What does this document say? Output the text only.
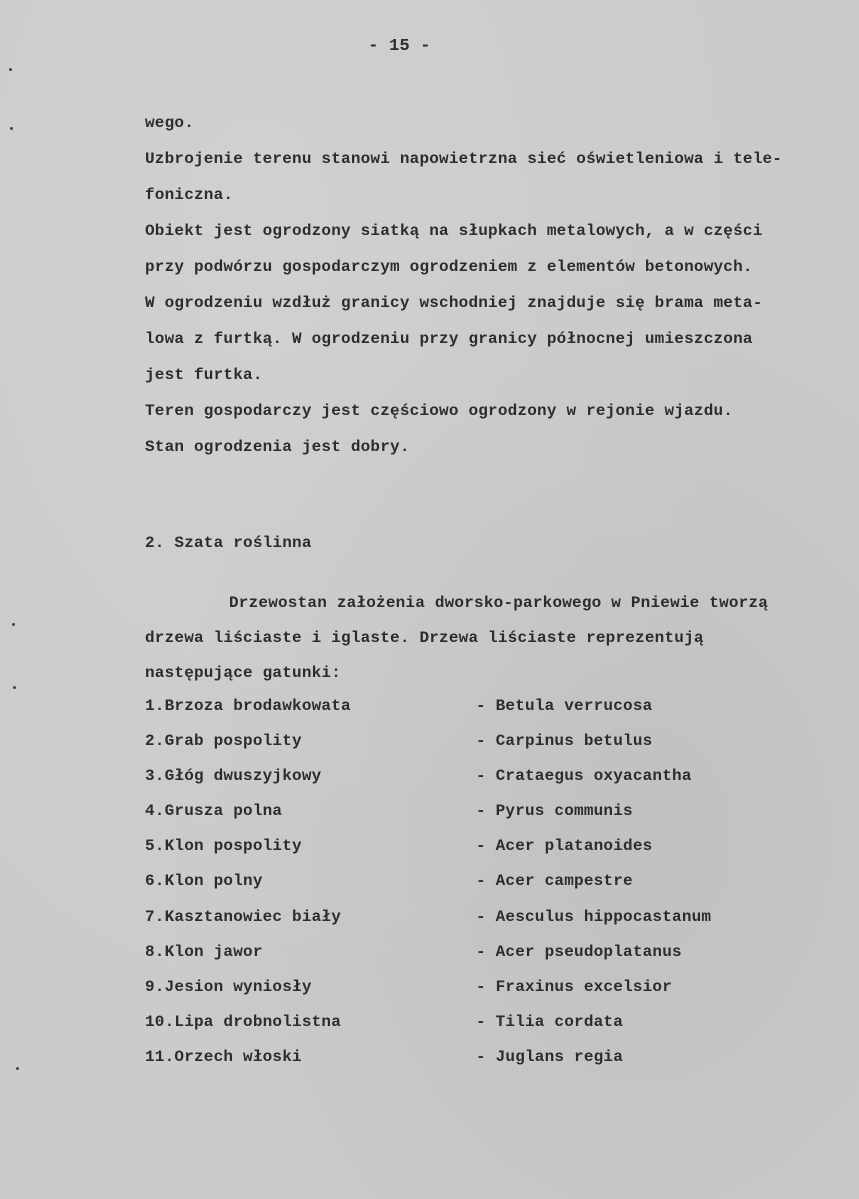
- 15 -
wego.
Uzbrojenie terenu stanowi napowietrzna sieć oświetleniowa i tele-
foniczna.
Obiekt jest ogrodzony siatką na słupkach metalowych, a w części
przy podwórzu gospodarczym ogrodzeniem z elementów betonowych.
W ogrodzeniu wzdłuż granicy wschodniej znajduje się brama meta-
lowa z furtką. W ogrodzeniu przy granicy północnej umieszczona
jest furtka.
Teren gospodarczy jest częściowo ogrodzony w rejonie wjazdu.
Stan ogrodzenia jest dobry.
2. Szata roślinna
Drzewostan założenia dworsko-parkowego w Pniewie tworzą
drzewa liściaste i iglaste. Drzewa liściaste reprezentują
następujące gatunki:
1.Brzoza brodawkowata	- Betula verrucosa
2.Grab pospolity	- Carpinus betulus
3.Głóg dwuszyjkowy	- Crataegus oxyacantha
4.Grusza polna	- Pyrus communis
5.Klon pospolity	- Acer platanoides
6.Klon polny	- Acer campestre
7.Kasztanowiec biały	- Aesculus hippocastanum
8.Klon jawor	- Acer pseudoplatanus
9.Jesion wyniosły	- Fraxinus excelsior
10.Lipa drobnolistna	- Tilia cordata
11.Orzech włoski	- Juglans regia
